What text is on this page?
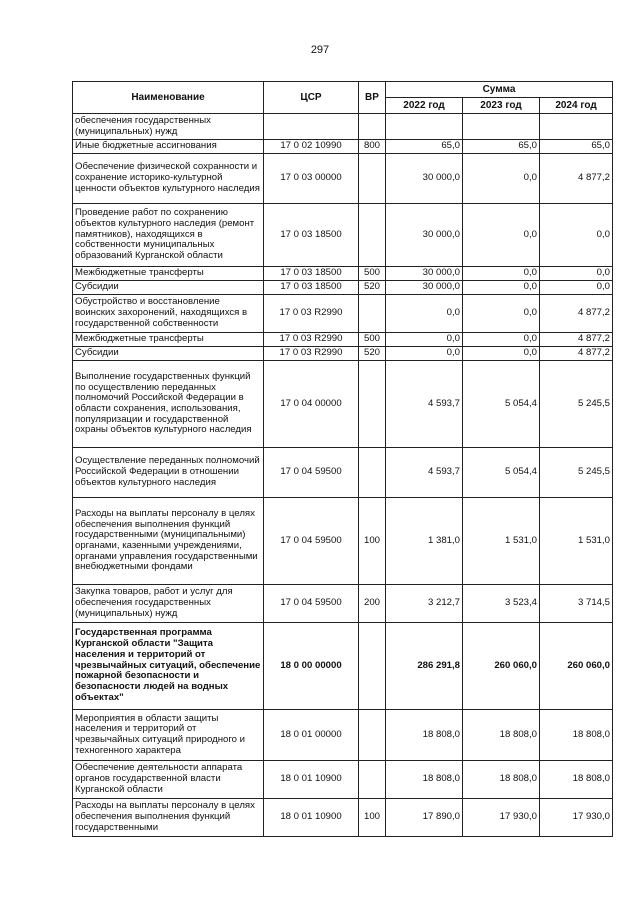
297
Наименование	ЦСР	ВР	Сумма		
			2022 год	2023 год	2024 год
обеспечения государственных (муниципальных) нужд					
Иные бюджетные ассигнования	17 0 02 10990	800	65,0	65,0	65,0
Обеспечение физической сохранности и сохранение историко-культурной ценности объектов культурного наследия	17 0 03 00000		30 000,0	0,0	4 877,2
Проведение работ по сохранению объектов культурного наследия (ремонт памятников), находящихся в собственности муниципальных образований Курганской области	17 0 03 18500		30 000,0	0,0	0,0
Межбюджетные трансферты	17 0 03 18500	500	30 000,0	0,0	0,0
Субсидии	17 0 03 18500	520	30 000,0	0,0	0,0
Обустройство и восстановление воинских захоронений, находящихся в государственной собственности	17 0 03 R2990		0,0	0,0	4 877,2
Межбюджетные трансферты	17 0 03 R2990	500	0,0	0,0	4 877,2
Субсидии	17 0 03 R2990	520	0,0	0,0	4 877,2
Выполнение государственных функций по осуществлению переданных полномочий Российской Федерации в области сохранения, использования, популяризации и государственной охраны объектов культурного наследия	17 0 04 00000		4 593,7	5 054,4	5 245,5
Осуществление переданных полномочий Российской Федерации в отношении объектов культурного наследия	17 0 04 59500		4 593,7	5 054,4	5 245,5
Расходы на выплаты персоналу в целях обеспечения выполнения функций государственными (муниципальными) органами, казенными учреждениями, органами управления государственными внебюджетными фондами	17 0 04 59500	100	1 381,0	1 531,0	1 531,0
Закупка товаров, работ и услуг для обеспечения государственных (муниципальных) нужд	17 0 04 59500	200	3 212,7	3 523,4	3 714,5
Государственная программа Курганской области "Защита населения и территорий от чрезвычайных ситуаций, обеспечение пожарной безопасности и безопасности людей на водных объектах"	18 0 00 00000		286 291,8	260 060,0	260 060,0
Мероприятия в области защиты населения и территорий от чрезвычайных ситуаций природного и техногенного характера	18 0 01 00000		18 808,0	18 808,0	18 808,0
Обеспечение деятельности аппарата органов государственной власти Курганской области	18 0 01 10900		18 808,0	18 808,0	18 808,0
Расходы на выплаты персоналу в целях обеспечения выполнения функций государственными	18 0 01 10900	100	17 890,0	17 930,0	17 930,0
